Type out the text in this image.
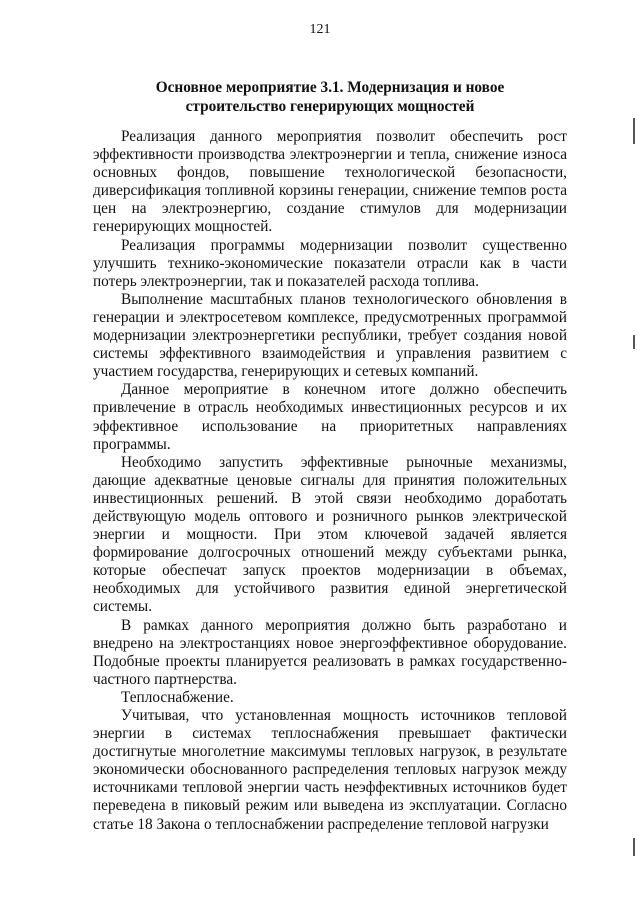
121
Основное мероприятие 3.1. Модернизация и новое
строительство генерирующих мощностей

Реализация данного мероприятия позволит обеспечить рост эффективности производства электроэнергии и тепла, снижение износа основных фондов, повышение технологической безопасности, диверсификация топливной корзины генерации, снижение темпов роста цен на электроэнергию, создание стимулов для модернизации генерирующих мощностей.

Реализация программы модернизации позволит существенно улучшить технико-экономические показатели отрасли как в части потерь электроэнергии, так и показателей расхода топлива.

Выполнение масштабных планов технологического обновления в генерации и электросетевом комплексе, предусмотренных программой модернизации электроэнергетики республики, требует создания новой системы эффективного взаимодействия и управления развитием с участием государства, генерирующих и сетевых компаний.

Данное мероприятие в конечном итоге должно обеспечить привлечение в отрасль необходимых инвестиционных ресурсов и их эффективное использование на приоритетных направлениях программы.

Необходимо запустить эффективные рыночные механизмы, дающие адекватные ценовые сигналы для принятия положительных инвестиционных решений. В этой связи необходимо доработать действующую модель оптового и розничного рынков электрической энергии и мощности. При этом ключевой задачей является формирование долгосрочных отношений между субъектами рынка, которые обеспечат запуск проектов модернизации в объемах, необходимых для устойчивого развития единой энергетической системы.

В рамках данного мероприятия должно быть разработано и внедрено на электростанциях новое энергоэффективное оборудование. Подобные проекты планируется реализовать в рамках государственно-частного партнерства.

Теплоснабжение.

Учитывая, что установленная мощность источников тепловой энергии в системах теплоснабжения превышает фактически достигнутые многолетние максимумы тепловых нагрузок, в результате экономически обоснованного распределения тепловых нагрузок между источниками тепловой энергии часть неэффективных источников будет переведена в пиковый режим или выведена из эксплуатации. Согласно статье 18 Закона о теплоснабжении распределение тепловой нагрузки
